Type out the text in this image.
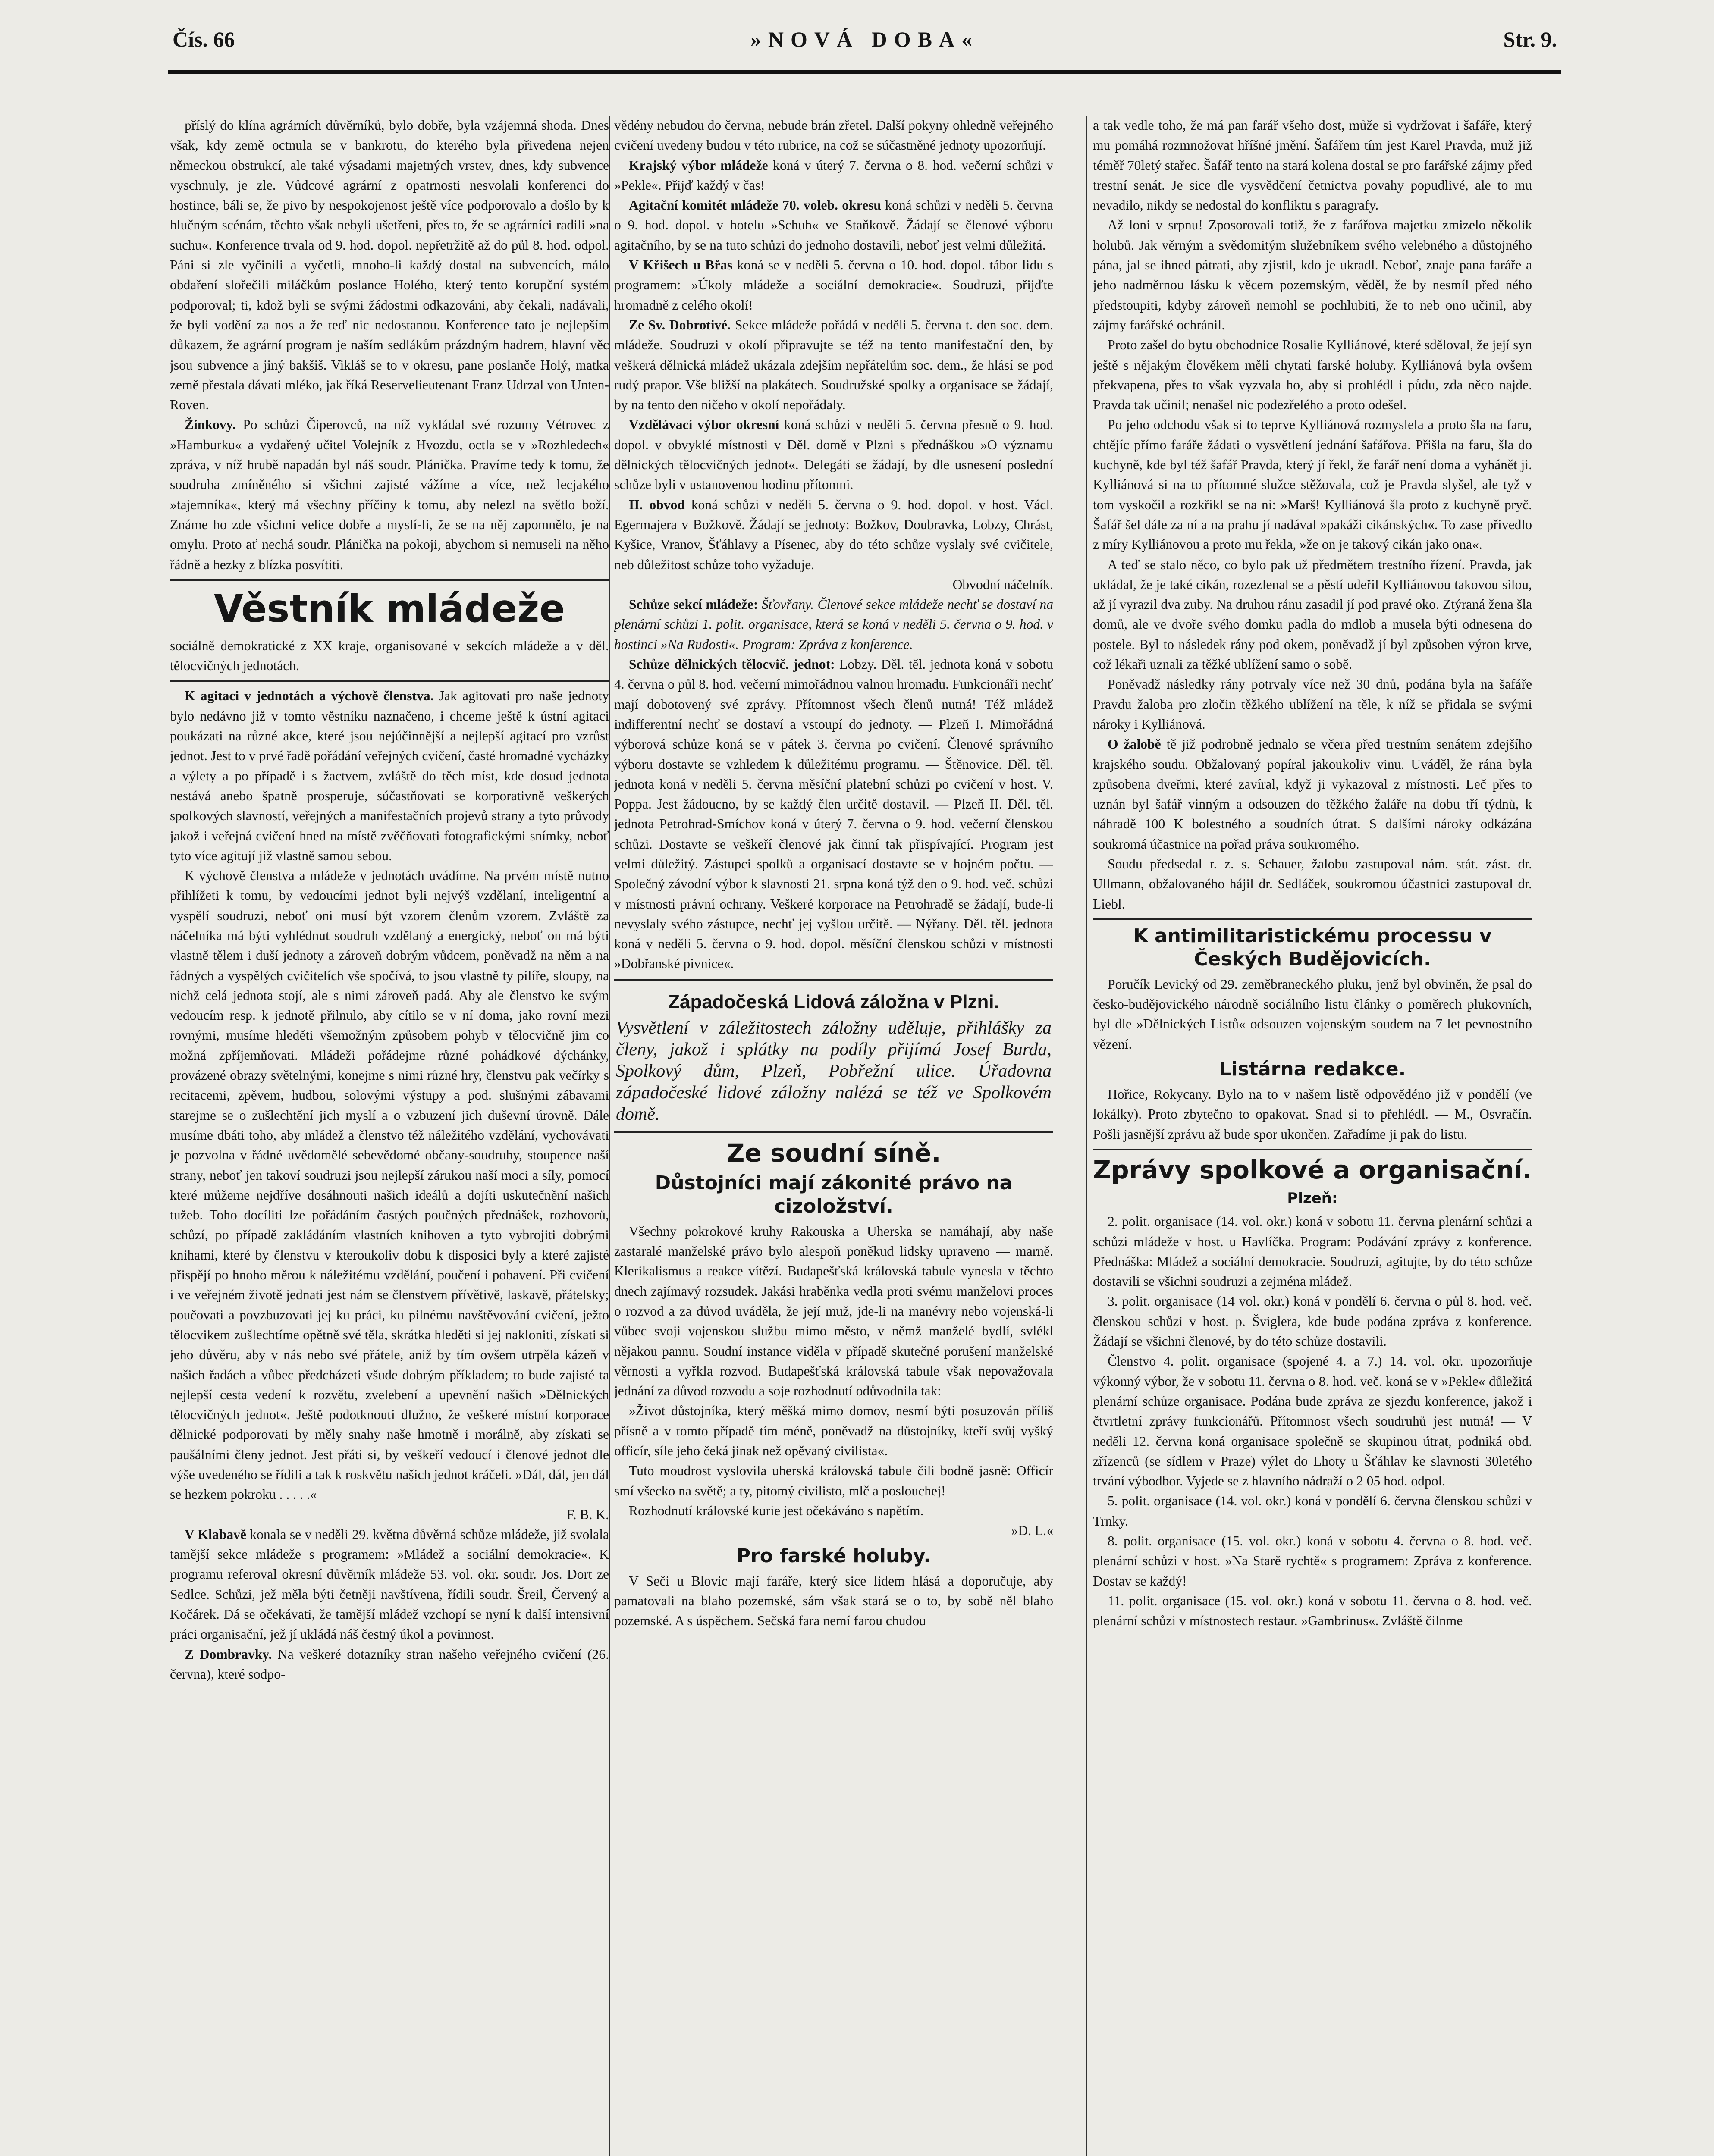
Čís. 66	»NOVÁ DOBA«	Str. 9.

příslý do klína agrárních důvěrníků, bylo dobře, byla vzájemná shoda. Dnes však, kdy země octnula se v bankrotu, do kterého byla přivedena nejen německou obstrukcí, ale také výsadami majetných vrstev, dnes, kdy subvence vyschnuly, je zle. Vůdcové agrární z opatrnosti nesvolali konferenci do hostince, báli se, že pivo by nespokojenost ještě více podporovalo a došlo by k hlučným scénám, těchto však nebyli ušetřeni, přes to, že se agrárníci radili »na suchu«. Konference trvala od 9. hod. dopol. nepřetržitě až do půl 8. hod. odpol. Páni si zle vyčinili a vyčetli, mnoho-li každý dostal na subvencích, málo obdaření slořečili miláčkům poslance Holého, který tento korupční systém podporoval; ti, kdož byli se svými žádostmi odkazováni, aby čekali, nadávali, že byli vodění za nos a že teď nic nedostanou. Konference tato je nejlepším důkazem, že agrární program je naším sedlákům prázdným hadrem, hlavní věc jsou subvence a jiný bakšiš. Vikláš se to v okresu, pane poslanče Holý, matka země přestala dávati mléko, jak říká Reservelieutenant Franz Udrzal von Unten-Roven.

Žinkovy. Po schůzi Čiperovců, na níž vykládal své rozumy Vétrovec z »Hamburku« a vydařený učitel Volejník z Hvozdu, octla se v »Rozhledech« zpráva, v níž hrubě napadán byl náš soudr. Plánička. Pravíme tedy k tomu, že soudruha zmíněného si všichni zajisté vážíme a více, než lecjakého »tajemníka«, který má všechny příčiny k tomu, aby nelezl na světlo boží. Známe ho zde všichni velice dobře a myslí-li, že se na něj zapomnělo, je na omylu. Proto ať nechá soudr. Plánička na pokoji, abychom si nemuseli na něho řádně a hezky z blízka posvítiti.

Věstník mládeže

sociálně demokratické z XX kraje, organisované v sekcích mládeže a v děl. tělocvičných jednotách.

K agitaci v jednotách a výchově členstva. Jak agitovati pro naše jednoty bylo nedávno již v tomto věstníku naznačeno, i chceme ještě k ústní agitaci poukázati na různé akce, které jsou nejúčinnější a nejlepší agitací pro vzrůst jednot. Jest to v prvé řadě pořádání veřejných cvičení, časté hromadné vycházky a výlety a po případě i s žactvem, zvláště do těch míst, kde dosud jednota nestává anebo špatně prosperuje, súčastňovati se korporativně veškerých spolkových slavností, veřejných a manifestačních projevů strany a tyto průvody jakož i veřejná cvičení hned na místě zvěčňovati fotografickými snímky, neboť tyto více agitují již vlastně samou sebou.

K výchově členstva a mládeže v jednotách uvádíme. Na prvém místě nutno přihlížeti k tomu, by vedoucími jednot byli nejvýš vzdělaní, inteligentní a vyspělí soudruzi, neboť oni musí být vzorem členům vzorem. Zvláště za náčelníka má býti vyhlédnut soudruh vzdělaný a energický, neboť on má býti vlastně tělem i duší jednoty a zároveň dobrým vůdcem, poněvadž na něm a na řádných a vyspělých cvičitelích vše spočívá, to jsou vlastně ty pilíře, sloupy, na nichž celá jednota stojí, ale s nimi zároveň padá. Aby ale členstvo ke svým vedoucím resp. k jednotě přilnulo, aby cítilo se v ní doma, jako rovní mezi rovnými, musíme hleděti všemožným způsobem pohyb v tělocvičně jim co možná zpříjemňovati. Mládeži pořádejme různé pohádkové dýchánky, provázené obrazy světelnými, konejme s nimi různé hry, členstvu pak večírky s recitacemi, zpěvem, hudbou, solovými výstupy a pod. slušnými zábavami starejme se o zušlechtění jich myslí a o vzbuzení jich duševní úrovně. Dále musíme dbáti toho, aby mládež a členstvo též náležitého vzdělání, vychovávati je pozvolna v řádné uvědomělé sebevědomé občany-soudruhy, stoupence naší strany, neboť jen takoví soudruzi jsou nejlepší zárukou naší moci a síly, pomocí které můžeme nejdříve dosáhnouti našich ideálů a dojíti uskutečnění našich tužeb. Toho docíliti lze pořádáním častých poučných přednášek, rozhovorů, schůzí, po případě zakládáním vlastních knihoven a tyto vybrojiti dobrými knihami, které by členstvu v kteroukoliv dobu k disposici byly a které zajisté přispějí po hnoho měrou k náležitému vzdělání, poučení i pobavení. Při cvičení i ve veřejném životě jednati jest nám se členstvem přívětivě, laskavě, přátelsky; poučovati a povzbuzovati jej ku práci, ku pilnému navštěvování cvičení, ježto tělocvikem zušlechtíme opětně své těla, skrátka hleděti si jej nakloniti, získati si jeho důvěru, aby v nás nebo své přátele, aniž by tím ovšem utrpěla kázeň v našich řadách a vůbec předcházeti všude dobrým příkladem; to bude zajisté ta nejlepší cesta vedení k rozvětu, zvelebení a upevnění našich »Dělnických tělocvičných jednot«. Ještě podotknouti dlužno, že veškeré místní korporace dělnické podporovati by měly snahy naše hmotně i morálně, aby získati se paušálními členy jednot. Jest přáti si, by veškeří vedoucí i členové jednot dle výše uvedeného se řídili a tak k roskvětu našich jednot kráčeli. »Dál, dál, jen dál se hezkem pokroku . . . . .«

F. B. K.

V Klabavě konala se v neděli 29. května důvěrná schůze mládeže, již svolala tamější sekce mládeže s programem: »Mládež a sociální demokracie«. K programu referoval okresní důvěrník mládeže 53. vol. okr. soudr. Jos. Dort ze Sedlce. Schůzi, jež měla býti četněji navštívena, řídili soudr. Šreil, Červený a Kočárek. Dá se očekávati, že tamější mládež vzchopí se nyní k další intensivní práci organisační, jež jí ukládá náš čestný úkol a povinnost.

Z Dombravky. Na veškeré dotazníky stran našeho veřejného cvičení (26. června), které sodpo-

vědény nebudou do června, nebude brán zřetel. Další pokyny ohledně veřejného cvičení uvedeny budou v této rubrice, na což se súčastněné jednoty upozorňují.

Krajský výbor mládeže koná v úterý 7. června o 8. hod. večerní schůzi v »Pekle«. Přijď každý v čas!

Agitační komitét mládeže 70. voleb. okresu koná schůzi v neděli 5. června o 9. hod. dopol. v hotelu »Schuh« ve Staňkově. Žádají se členové výboru agitačního, by se na tuto schůzi do jednoho dostavili, neboť jest velmi důležitá.

V Křišech u Břas koná se v neděli 5. června o 10. hod. dopol. tábor lidu s programem: »Úkoly mládeže a sociální demokracie«. Soudruzi, přijďte hromadně z celého okolí!

Ze Sv. Dobrotivé. Sekce mládeže pořádá v neděli 5. června t. den soc. dem. mládeže. Soudruzi v okolí připravujte se též na tento manifestační den, by veškerá dělnická mládež ukázala zdejším nepřátelům soc. dem., že hlásí se pod rudý prapor. Vše bližší na plakátech. Soudružské spolky a organisace se žádají, by na tento den ničeho v okolí nepořádaly.

Vzdělávací výbor okresní koná schůzi v neděli 5. června přesně o 9. hod. dopol. v obvyklé místnosti v Děl. domě v Plzni s přednáškou »O významu dělnických tělocvičných jednot«. Delegáti se žádají, by dle usnesení poslední schůze byli v ustanovenou hodinu přítomni.

II. obvod koná schůzi v neděli 5. června o 9. hod. dopol. v host. Václ. Egermajera v Božkově. Žádají se jednoty: Božkov, Doubravka, Lobzy, Chrást, Kyšice, Vranov, Šťáhlavy a Písenec, aby do této schůze vyslaly své cvičitele, neb důležitost schůze toho vyžaduje.

Obvodní náčelník.

Schůze sekcí mládeže: Šťovřany. Členové sekce mládeže nechť se dostaví na plenární schůzi 1. polit. organisace, která se koná v neděli 5. června o 9. hod. v hostinci »Na Rudosti«. Program: Zpráva z konference.

Schůze dělnických tělocvič. jednot: Lobzy. Děl. těl. jednota koná v sobotu 4. června o půl 8. hod. večerní mimořádnou valnou hromadu. Funkcionáři nechť mají dobotovený své zprávy. Přítomnost všech členů nutná! Též mládež indifferentní nechť se dostaví a vstoupí do jednoty. — Plzeň I. Mimořádná výborová schůze koná se v pátek 3. června po cvičení. Členové správního výboru dostavte se vzhledem k důležitému programu. — Štěnovice. Děl. těl. jednota koná v neděli 5. června měsíční platební schůzi po cvičení v host. V. Poppa. Jest žádoucno, by se každý člen určitě dostavil. — Plzeň II. Děl. těl. jednota Petrohrad-Smíchov koná v úterý 7. června o 9. hod. večerní členskou schůzi. Dostavte se veškeří členové jak činní tak přispívající. Program jest velmi důležitý. Zástupci spolků a organisací dostavte se v hojném počtu. — Společný závodní výbor k slavnosti 21. srpna koná týž den o 9. hod. več. schůzi v místnosti právní ochrany. Veškeré korporace na Petrohradě se žádají, bude-li nevyslaly svého zástupce, nechť jej vyšlou určitě. — Nýřany. Děl. těl. jednota koná v neděli 5. června o 9. hod. dopol. měsíční členskou schůzi v místnosti »Dobřanské pivnice«.

Západočeská Lidová záložna v Plzni.

Vysvětlení v záležitostech záložny uděluje, přihlášky za členy, jakož i splátky na podíly přijímá Josef Burda, Spolkový dům, Plzeň, Pobřežní ulice. Úřadovna západočeské lidové záložny nalézá se též ve Spolkovém domě.

Ze soudní síně.
Důstojníci mají zákonité právo na cizoložství.

Všechny pokrokové kruhy Rakouska a Uherska se namáhají, aby naše zastaralé manželské právo bylo alespoň poněkud lidsky upraveno — marně. Klerikalismus a reakce vítězí. Budapešťská královská tabule vynesla v těchto dnech zajímavý rozsudek. Jakási hraběnka vedla proti svému manželovi proces o rozvod a za důvod uváděla, že její muž, jde-li na manévry nebo vojenská-li vůbec svoji vojenskou službu mimo město, v němž manželé bydlí, svlékl nějakou pannu. Soudní instance viděla v případě skutečné porušení manželské věrnosti a vyřkla rozvod. Budapešťská královská tabule však nepovažovala jednání za důvod rozvodu a soje rozhodnutí odůvodnila tak:

»Život důstojníka, který měšká mimo domov, nesmí býti posuzován příliš přísně a v tomto případě tím méně, poněvadž na důstojníky, kteří svůj vyšký officír, síle jeho čeká jinak než opěvaný civilista«.

Tuto moudrost vyslovila uherská královská tabule čili bodně jasně: Officír smí všecko na světě; a ty, pitomý civilisto, mlč a poslouchej!

Rozhodnutí královské kurie jest očekáváno s napětím.

»D. L.«

Pro farské holuby.

V Seči u Blovic mají faráře, který sice lidem hlásá a doporučuje, aby pamatovali na blaho pozemské, sám však stará se o to, by sobě něl blaho pozemské. A s úspěchem. Sečská fara nemí farou chudou

a tak vedle toho, že má pan farář všeho dost, může si vydržovat i šafáře, který mu pomáhá rozmnožovat hříšné jmění. Šafářem tím jest Karel Pravda, muž již téměř 70letý stařec. Šafář tento na stará kolena dostal se pro farářské zájmy před trestní senát. Je sice dle vysvědčení četnictva povahy popudlivé, ale to mu nevadilo, nikdy se nedostal do konfliktu s paragrafy.

Až loni v srpnu! Zposorovali totiž, že z farářova majetku zmizelo několik holubů. Jak věrným a svědomitým služebníkem svého velebného a důstojného pána, jal se ihned pátrati, aby zjistil, kdo je ukradl. Neboť, znaje pana faráře a jeho nadměrnou lásku k věcem pozemským, věděl, že by nesmíl před ného předstoupiti, kdyby zároveň nemohl se pochlubiti, že to neb ono učinil, aby zájmy farářské ochránil.

Proto zašel do bytu obchodnice Rosalie Kylliánové, které sděloval, že její syn ještě s nějakým člověkem měli chytati farské holuby. Kylliánová byla ovšem překvapena, přes to však vyzvala ho, aby si prohlédl i půdu, zda něco najde. Pravda tak učinil; nenašel nic podezřelého a proto odešel.

Po jeho odchodu však si to teprve Kylliánová rozmyslela a proto šla na faru, chtějíc přímo faráře žádati o vysvětlení jednání šafářova. Přišla na faru, šla do kuchyně, kde byl též šafář Pravda, který jí řekl, že farář není doma a vyhánět ji. Kylliánová si na to přítomné služce stěžovala, což je Pravda slyšel, ale tyž v tom vyskočil a rozkřikl se na ni: »Marš! Kylliánová šla proto z kuchyně pryč. Šafář šel dále za ní a na prahu jí nadával »pakáži cikánských«. To zase přivedlo z míry Kylliánovou a proto mu řekla, »že on je takový cikán jako ona«.

A teď se stalo něco, co bylo pak už předmětem trestního řízení. Pravda, jak ukládal, že je také cikán, rozezlenal se a pěstí udeřil Kylliánovou takovou silou, až jí vyrazil dva zuby. Na druhou ránu zasadil jí pod pravé oko. Ztýraná žena šla domů, ale ve dvoře svého domku padla do mdlob a musela býti odnesena do postele. Byl to následek rány pod okem, poněvadž jí byl způsoben výron krve, což lékaři uznali za těžké ublížení samo o sobě.

Poněvadž následky rány potrvaly více než 30 dnů, podána byla na šafáře Pravdu žaloba pro zločin těžkého ublížení na těle, k níž se přidala se svými nároky i Kylliánová.

O žalobě tě již podrobně jednalo se včera před trestním senátem zdejšího krajského soudu. Obžalovaný popíral jakoukoliv vinu. Uváděl, že rána byla způsobena dveřmi, které zavíral, když ji vykazoval z místnosti. Leč přes to uznán byl šafář vinným a odsouzen do těžkého žaláře na dobu tří týdnů, k náhradě 100 K bolestného a soudních útrat. S dalšími nároky odkázána soukromá účastnice na pořad práva soukromého.

Soudu předsedal r. z. s. Schauer, žalobu zastupoval nám. stát. zást. dr. Ullmann, obžalovaného hájil dr. Sedláček, soukromou účastnici zastupoval dr. Liebl.

K antimilitaristickému processu v Českých Budějovicích.

Poručík Levický od 29. zeměbraneckého pluku, jenž byl obviněn, že psal do česko-budějovického národně sociálního listu články o poměrech plukovních, byl dle »Dělnických Listů« odsouzen vojenským soudem na 7 let pevnostního vězení.

Listárna redakce.

Hořice, Rokycany. Bylo na to v našem listě odpovědéno již v pondělí (ve lokálky). Proto zbytečno to opakovat. Snad si to přehlédl. — M., Osvračín. Pošli jasnější zprávu až bude spor ukončen. Zařadíme ji pak do listu.

Zprávy spolkové a organisační.
Plzeň:

2. polit. organisace (14. vol. okr.) koná v sobotu 11. června plenární schůzi a schůzi mládeže v host. u Havlíčka. Program: Podávání zprávy z konference. Přednáška: Mládež a sociální demokracie. Soudruzi, agitujte, by do této schůze dostavili se všichni soudruzi a zejména mládež.

3. polit. organisace (14 vol. okr.) koná v pondělí 6. června o půl 8. hod. več. členskou schůzi v host. p. Šviglera, kde bude podána zpráva z konference. Žádají se všichni členové, by do této schůze dostavili.

Členstvo 4. polit. organisace (spojené 4. a 7.) 14. vol. okr. upozorňuje výkonný výbor, že v sobotu 11. června o 8. hod. več. koná se v »Pekle« důležitá plenární schůze organisace. Podána bude zpráva ze sjezdu konference, jakož i čtvrtletní zprávy funkcionářů. Přítomnost všech soudruhů jest nutná! — V neděli 12. června koná organisace společně se skupinou útrat, podniká obd. zřízenců (se sídlem v Praze) výlet do Lhoty u Šťáhlav ke slavnosti 30letého trvání výbodbor. Vyjede se z hlavního nádraží o 2 05 hod. odpol.

5. polit. organisace (14. vol. okr.) koná v pondělí 6. června členskou schůzi v Trnky.

8. polit. organisace (15. vol. okr.) koná v sobotu 4. června o 8. hod. več. plenární schůzi v host. »Na Starě rychtě« s programem: Zpráva z konference. Dostav se každý!

11. polit. organisace (15. vol. okr.) koná v sobotu 11. června o 8. hod. več. plenární schůzi v místnostech restaur. »Gambrinus«. Zvláště čilnme
